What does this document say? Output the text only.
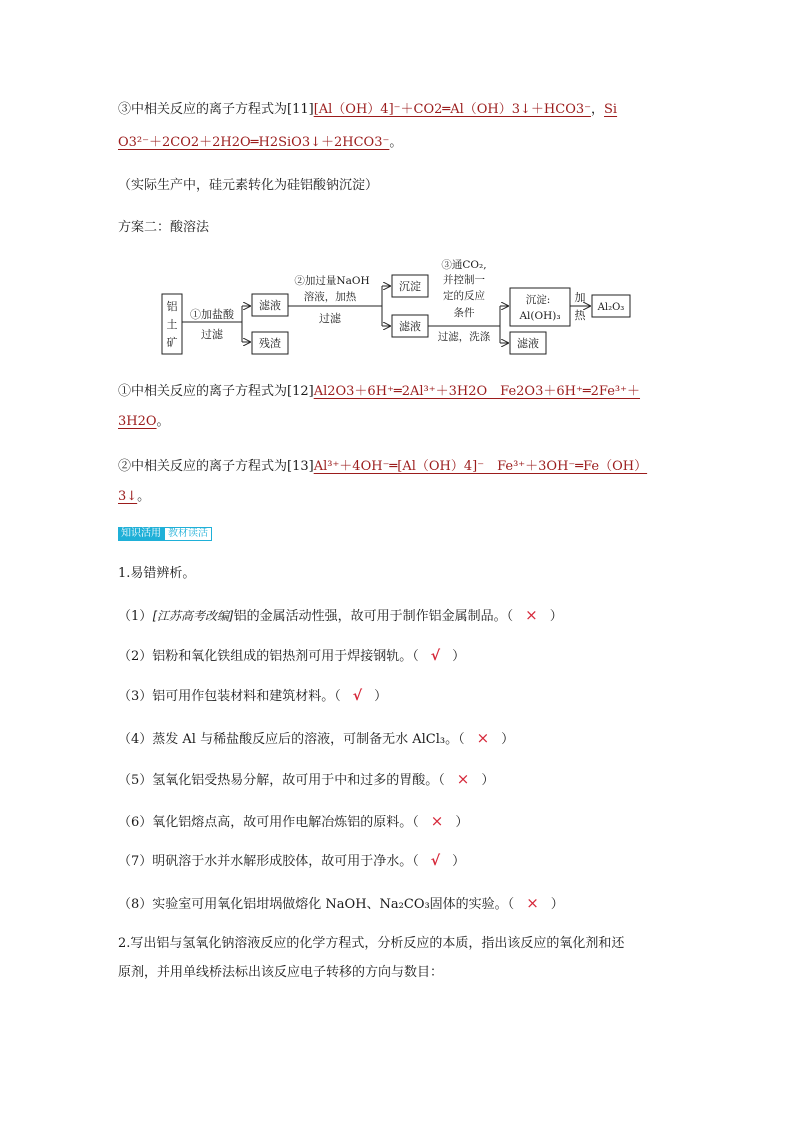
③中相关反应的离子方程式为[11][Al（OH）4]⁻＋CO2═Al（OH）3↓＋HCO3⁻，Si
O3²⁻＋2CO2＋2H2O═H2SiO3↓＋2HCO3⁻。
（实际生产中，硅元素转化为硅铝酸钠沉淀）
方案二：酸溶法
铝
土
矿
①加盐酸
过滤
滤液
残渣
②加过量NaOH
溶液，加热
过滤
沉淀
滤液
③通CO₂,
并控制一
定的反应
条件
过滤，洗涤
沉淀:
Al(OH)₃
滤液
加
热
Al₂O₃
①中相关反应的离子方程式为[12]Al2O3＋6H⁺═2Al³⁺＋3H2O　Fe2O3＋6H⁺═2Fe³⁺＋
3H2O。
②中相关反应的离子方程式为[13]Al³⁺＋4OH⁻═[Al（OH）4]⁻　Fe³⁺＋3OH⁻═Fe（OH）
3↓。
知识活用 教材读活
1.易错辨析。
（1）[江苏高考改编]铝的金属活动性强，故可用于制作铝金属制品。（ × ）
（2）铝粉和氧化铁组成的铝热剂可用于焊接钢轨。（ √ ）
（3）铝可用作包装材料和建筑材料。（ √ ）
（4）蒸发 Al 与稀盐酸反应后的溶液，可制备无水 AlCl₃。（ × ）
（5）氢氧化铝受热易分解，故可用于中和过多的胃酸。（ × ）
（6）氧化铝熔点高，故可用作电解冶炼铝的原料。（ × ）
（7）明矾溶于水并水解形成胶体，故可用于净水。（ √ ）
（8）实验室可用氧化铝坩埚做熔化 NaOH、Na₂CO₃固体的实验。（ × ）
2.写出铝与氢氧化钠溶液反应的化学方程式，分析反应的本质，指出该反应的氧化剂和还
原剂，并用单线桥法标出该反应电子转移的方向与数目：
